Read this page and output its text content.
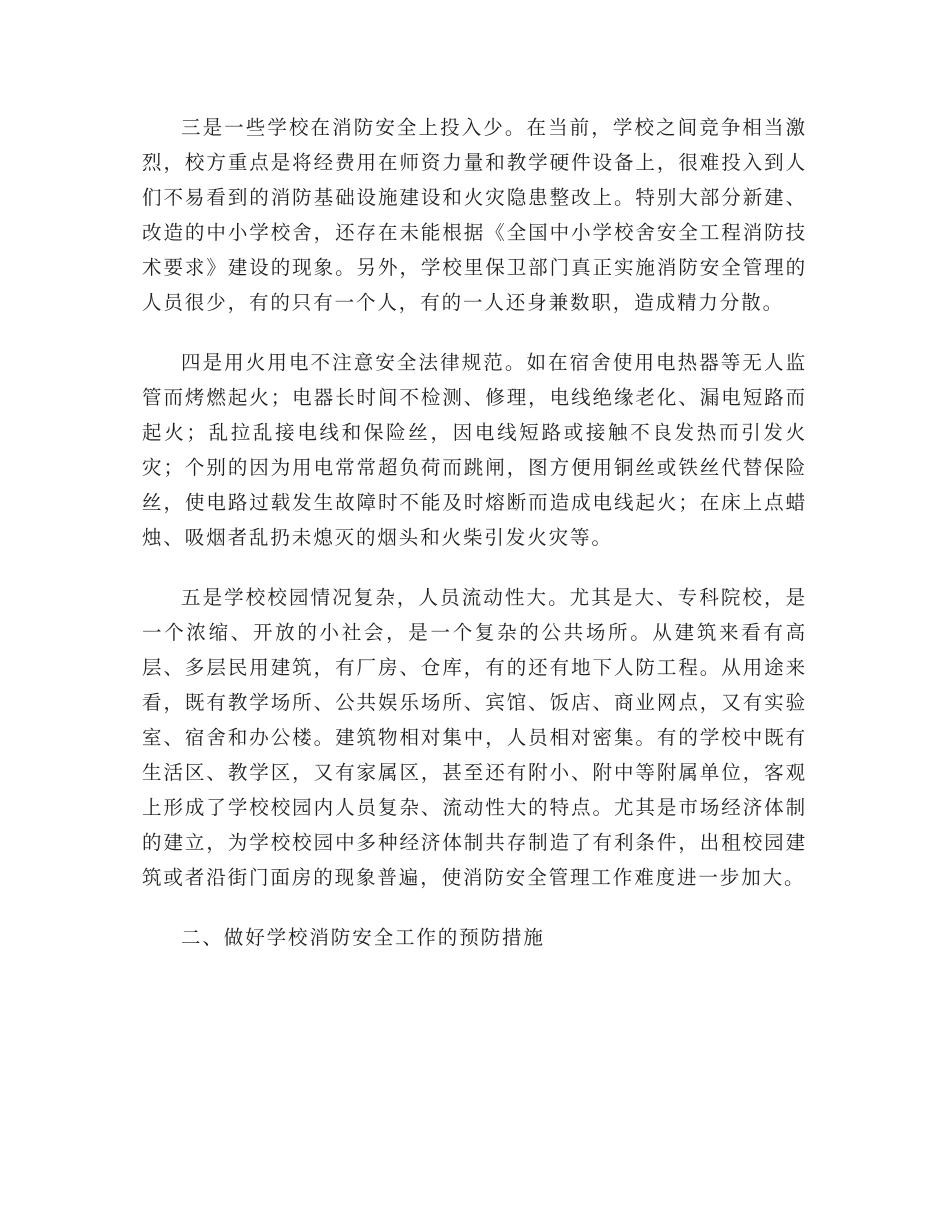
三是一些学校在消防安全上投入少。在当前，学校之间竞争相当激烈，校方重点是将经费用在师资力量和教学硬件设备上，很难投入到人们不易看到的消防基础设施建设和火灾隐患整改上。特别大部分新建、改造的中小学校舍，还存在未能根据《全国中小学校舍安全工程消防技术要求》建设的现象。另外，学校里保卫部门真正实施消防安全管理的人员很少，有的只有一个人，有的一人还身兼数职，造成精力分散。

四是用火用电不注意安全法律规范。如在宿舍使用电热器等无人监管而烤燃起火；电器长时间不检测、修理，电线绝缘老化、漏电短路而起火；乱拉乱接电线和保险丝，因电线短路或接触不良发热而引发火灾；个别的因为用电常常超负荷而跳闸，图方便用铜丝或铁丝代替保险丝，使电路过载发生故障时不能及时熔断而造成电线起火；在床上点蜡烛、吸烟者乱扔未熄灭的烟头和火柴引发火灾等。

五是学校校园情况复杂，人员流动性大。尤其是大、专科院校，是一个浓缩、开放的小社会，是一个复杂的公共场所。从建筑来看有高层、多层民用建筑，有厂房、仓库，有的还有地下人防工程。从用途来看，既有教学场所、公共娱乐场所、宾馆、饭店、商业网点，又有实验室、宿舍和办公楼。建筑物相对集中，人员相对密集。有的学校中既有生活区、教学区，又有家属区，甚至还有附小、附中等附属单位，客观上形成了学校校园内人员复杂、流动性大的特点。尤其是市场经济体制的建立，为学校校园中多种经济体制共存制造了有利条件，出租校园建筑或者沿街门面房的现象普遍，使消防安全管理工作难度进一步加大。

二、做好学校消防安全工作的预防措施
